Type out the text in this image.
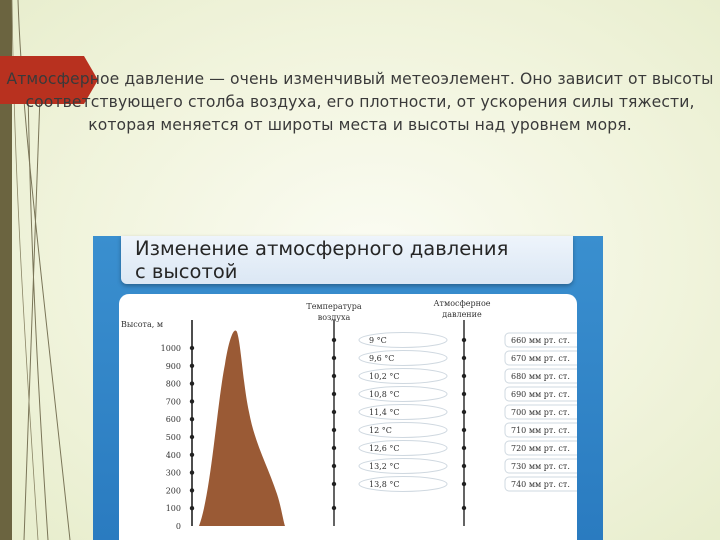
Атмосферное давление — очень изменчивый метеоэлемент. Оно зависит от высоты соответствующего столба воздуха, его плотности, от ускорения силы тяжести, которая меняется от широты места и высоты над уровнем моря.

Изменение атмосферного давления
с высотой
Высота, м
1000
900
800
700
600
500
400
300
200
100
0
Температура
воздуха
Атмосферное
давление
9 °C
9,6 °C
10,2 °C
10,8 °C
11,4 °C
12 °C
12,6 °C
13,2 °C
13,8 °C
660 мм рт. ст.
670 мм рт. ст.
680 мм рт. ст.
690 мм рт. ст.
700 мм рт. ст.
710 мм рт. ст.
720 мм рт. ст.
730 мм рт. ст.
740 мм рт. ст.
